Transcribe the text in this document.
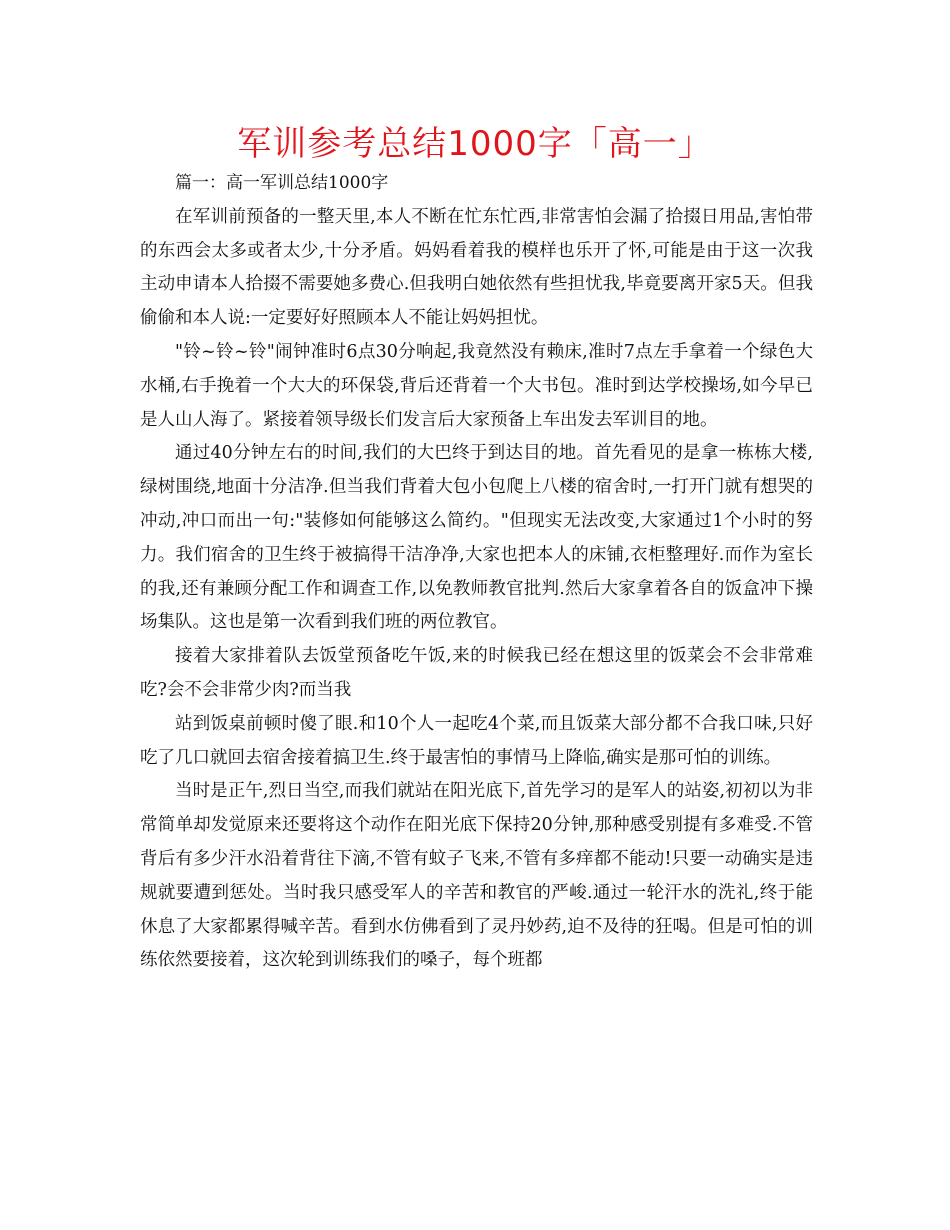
军训参考总结1000字「高一」

篇一：高一军训总结1000字

在军训前预备的一整天里,本人不断在忙东忙西,非常害怕会漏了拾掇日用品,害怕带的东西会太多或者太少,十分矛盾。妈妈看着我的模样也乐开了怀,可能是由于这一次我主动申请本人拾掇不需要她多费心.但我明白她依然有些担忧我,毕竟要离开家5天。但我偷偷和本人说:一定要好好照顾本人不能让妈妈担忧。

"铃~铃~铃"闹钟准时6点30分响起,我竟然没有赖床,准时7点左手拿着一个绿色大水桶,右手挽着一个大大的环保袋,背后还背着一个大书包。准时到达学校操场,如今早已是人山人海了。紧接着领导级长们发言后大家预备上车出发去军训目的地。

通过40分钟左右的时间,我们的大巴终于到达目的地。首先看见的是拿一栋栋大楼,绿树围绕,地面十分洁净.但当我们背着大包小包爬上八楼的宿舍时,一打开门就有想哭的冲动,冲口而出一句:"装修如何能够这么简约。"但现实无法改变,大家通过1个小时的努力。我们宿舍的卫生终于被搞得干洁净净,大家也把本人的床铺,衣柜整理好.而作为室长的我,还有兼顾分配工作和调查工作,以免教师教官批判.然后大家拿着各自的饭盒冲下操场集队。这也是第一次看到我们班的两位教官。

接着大家排着队去饭堂预备吃午饭,来的时候我已经在想这里的饭菜会不会非常难吃?会不会非常少肉?而当我

站到饭桌前顿时傻了眼.和10个人一起吃4个菜,而且饭菜大部分都不合我口味,只好吃了几口就回去宿舍接着搞卫生.终于最害怕的事情马上降临,确实是那可怕的训练。

当时是正午,烈日当空,而我们就站在阳光底下,首先学习的是军人的站姿,初初以为非常简单却发觉原来还要将这个动作在阳光底下保持20分钟,那种感受别提有多难受.不管背后有多少汗水沿着背往下滴,不管有蚊子飞来,不管有多痒都不能动!只要一动确实是违规就要遭到惩处。当时我只感受军人的辛苦和教官的严峻.通过一轮汗水的洗礼,终于能休息了大家都累得喊辛苦。看到水仿佛看到了灵丹妙药,迫不及待的狂喝。但是可怕的训练依然要接着，这次轮到训练我们的嗓子，每个班都
